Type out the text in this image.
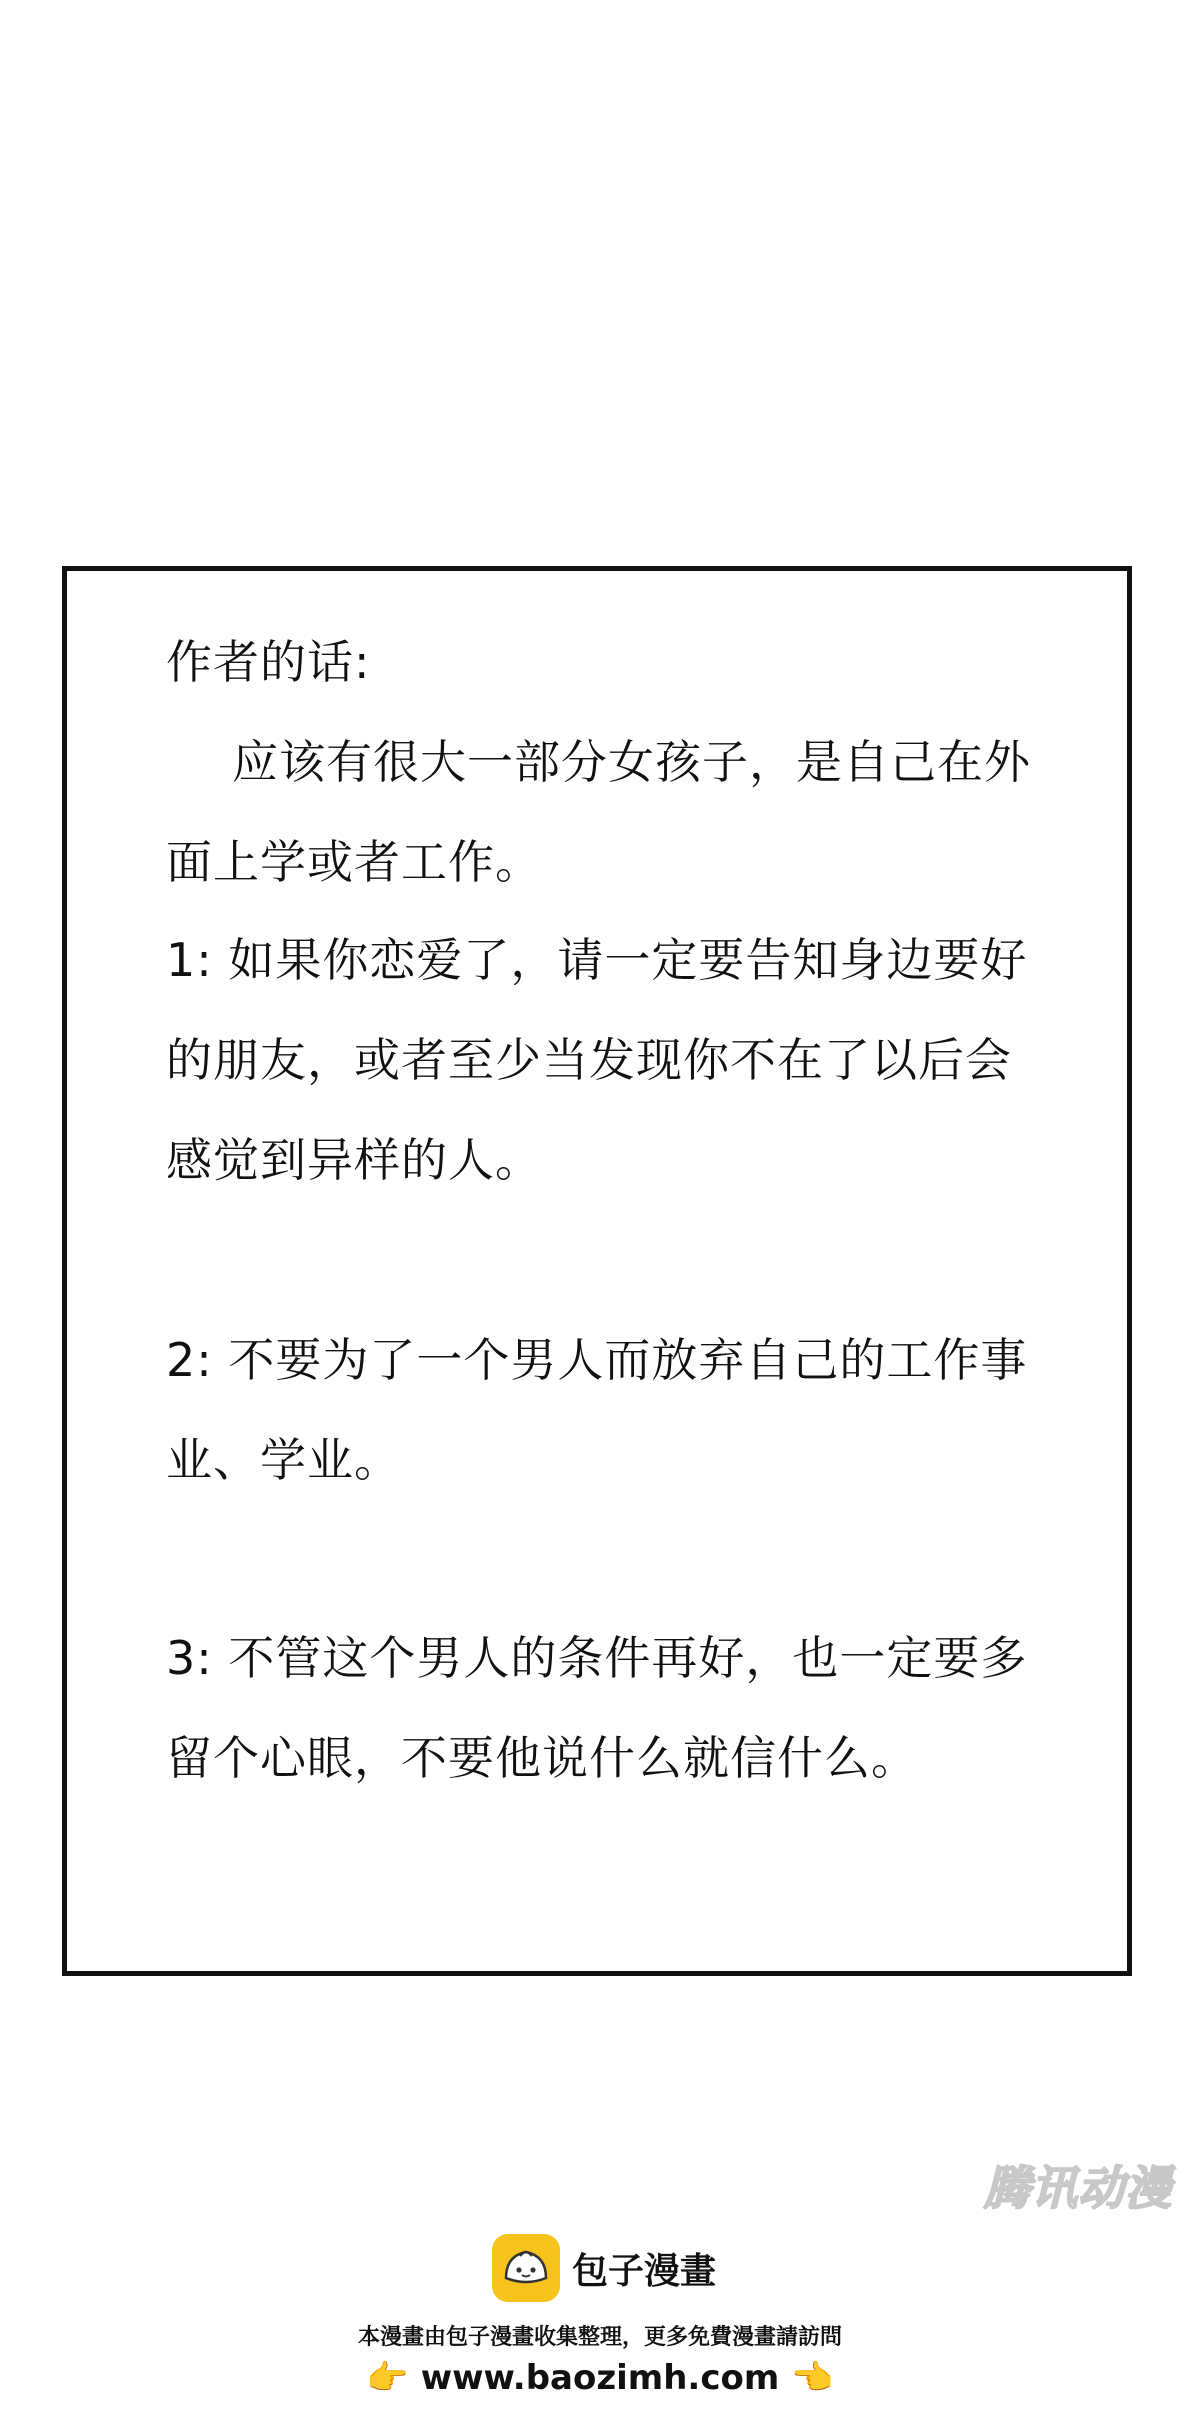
作者的话:
应该有很大一部分女孩子，是自己在外
面上学或者工作。
1: 如果你恋爱了，请一定要告知身边要好
的朋友，或者至少当发现你不在了以后会
感觉到异样的人。
2: 不要为了一个男人而放弃自己的工作事
业、学业。
3: 不管这个男人的条件再好，也一定要多
留个心眼，不要他说什么就信什么。
腾讯动漫
包子漫畫
本漫畫由包子漫畫收集整理，更多免費漫畫請訪問
👉 www.baozimh.com 👈
